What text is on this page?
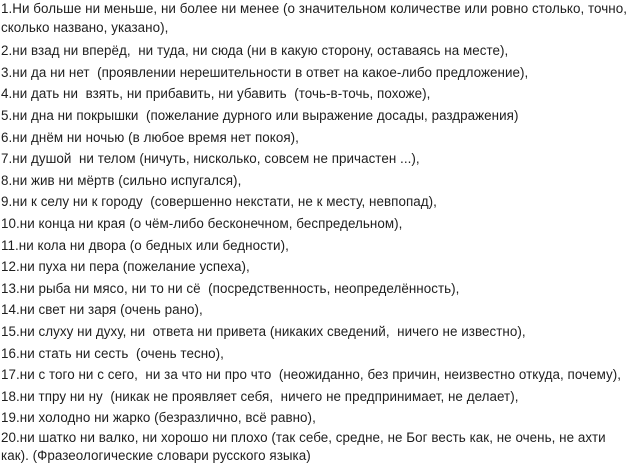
1.Ни больше ни меньше, ни более ни менее (о значительном количестве или ровно столько, точно, сколько названо, указано),
2.ни взад ни вперёд,  ни туда, ни сюда (ни в какую сторону, оставаясь на месте),
3.ни да ни нет  (проявлении нерешительности в ответ на какое-либо предложение),
4.ни дать ни  взять, ни прибавить, ни убавить  (точь-в-точь, похоже),
5.ни дна ни покрышки  (пожелание дурного или выражение досады, раздражения)
6.ни днём ни ночью (в любое время нет покоя),
7.ни душой  ни телом (ничуть, нисколько, совсем не причастен ...),
8.ни жив ни мёртв (сильно испугался),
9.ни к селу ни к городу  (совершенно некстати, не к месту, невпопад),
10.ни конца ни края (о чём-либо бесконечном, беспредельном),
11.ни кола ни двора (о бедных или бедности),
12.ни пуха ни пера (пожелание успеха),
13.ни рыба ни мясо, ни то ни сё  (посредственность, неопределённость),
14.ни свет ни заря (очень рано),
15.ни слуху ни духу, ни  ответа ни привета (никаких сведений,  ничего не известно),
16.ни стать ни сесть  (очень тесно),
17.ни с того ни с сего,  ни за что ни про что  (неожиданно, без причин, неизвестно откуда, почему),
18.ни тпру ни ну  (никак не проявляет себя,  ничего не предпринимает, не делает),
19.ни холодно ни жарко (безразлично, всё равно),
20.ни шатко ни валко, ни хорошо ни плохо (так себе, средне, не Бог весть как, не очень, не ахти как). (Фразеологические словари русского языка)
